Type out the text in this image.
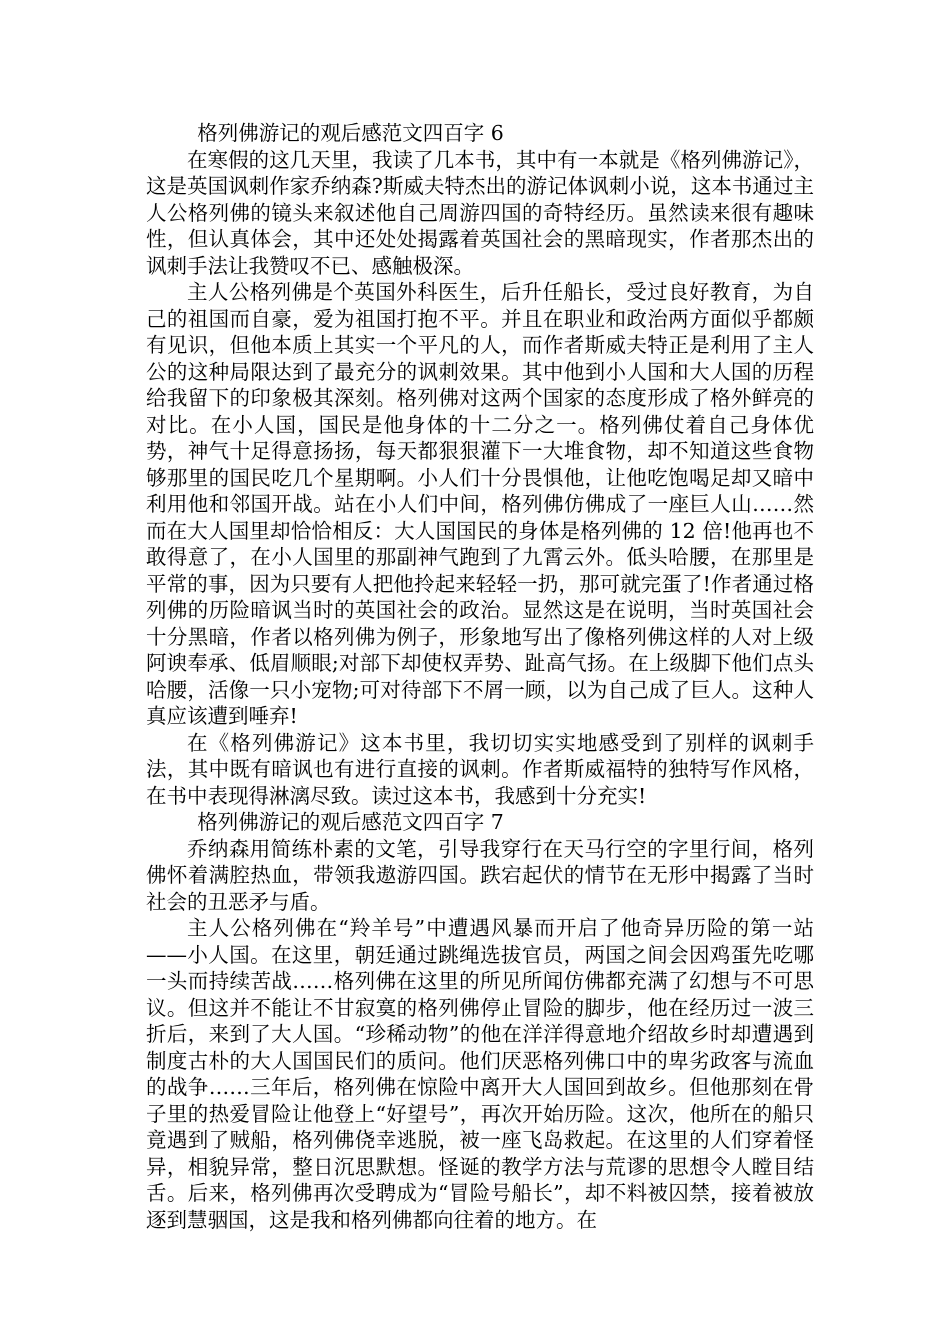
格列佛游记的观后感范文四百字 6

在寒假的这几天里，我读了几本书，其中有一本就是《格列佛游记》，这是英国讽刺作家乔纳森?斯威夫特杰出的游记体讽刺小说，这本书通过主人公格列佛的镜头来叙述他自己周游四国的奇特经历。虽然读来很有趣味性，但认真体会，其中还处处揭露着英国社会的黑暗现实，作者那杰出的讽刺手法让我赞叹不已、感触极深。

主人公格列佛是个英国外科医生，后升任船长，受过良好教育，为自己的祖国而自豪，爱为祖国打抱不平。并且在职业和政治两方面似乎都颇有见识，但他本质上其实一个平凡的人，而作者斯威夫特正是利用了主人公的这种局限达到了最充分的讽刺效果。其中他到小人国和大人国的历程给我留下的印象极其深刻。格列佛对这两个国家的态度形成了格外鲜亮的对比。在小人国，国民是他身体的十二分之一。格列佛仗着自己身体优势，神气十足得意扬扬，每天都狠狠灌下一大堆食物，却不知道这些食物够那里的国民吃几个星期啊。小人们十分畏惧他，让他吃饱喝足却又暗中利用他和邻国开战。站在小人们中间，格列佛仿佛成了一座巨人山……然而在大人国里却恰恰相反：大人国国民的身体是格列佛的 12 倍!他再也不敢得意了，在小人国里的那副神气跑到了九霄云外。低头哈腰，在那里是平常的事，因为只要有人把他拎起来轻轻一扔，那可就完蛋了!作者通过格列佛的历险暗讽当时的英国社会的政治。显然这是在说明，当时英国社会十分黑暗，作者以格列佛为例子，形象地写出了像格列佛这样的人对上级阿谀奉承、低眉顺眼;对部下却使权弄势、趾高气扬。在上级脚下他们点头哈腰，活像一只小宠物;可对待部下不屑一顾，以为自己成了巨人。这种人真应该遭到唾弃!

在《格列佛游记》这本书里，我切切实实地感受到了别样的讽刺手法，其中既有暗讽也有进行直接的讽刺。作者斯威福特的独特写作风格，在书中表现得淋漓尽致。读过这本书，我感到十分充实!

格列佛游记的观后感范文四百字 7

乔纳森用简练朴素的文笔，引导我穿行在天马行空的字里行间，格列佛怀着满腔热血，带领我遨游四国。跌宕起伏的情节在无形中揭露了当时社会的丑恶矛与盾。

主人公格列佛在“羚羊号”中遭遇风暴而开启了他奇异历险的第一站——小人国。在这里，朝廷通过跳绳选拔官员，两国之间会因鸡蛋先吃哪一头而持续苦战……格列佛在这里的所见所闻仿佛都充满了幻想与不可思议。但这并不能让不甘寂寞的格列佛停止冒险的脚步，他在经历过一波三折后，来到了大人国。“珍稀动物”的他在洋洋得意地介绍故乡时却遭遇到制度古朴的大人国国民们的质问。他们厌恶格列佛口中的卑劣政客与流血的战争……三年后，格列佛在惊险中离开大人国回到故乡。但他那刻在骨子里的热爱冒险让他登上“好望号”，再次开始历险。这次，他所在的船只竟遇到了贼船，格列佛侥幸逃脱，被一座飞岛救起。在这里的人们穿着怪异，相貌异常，整日沉思默想。怪诞的教学方法与荒谬的思想令人瞠目结舌。后来，格列佛再次受聘成为“冒险号船长”，却不料被囚禁，接着被放逐到慧骃国，这是我和格列佛都向往着的地方。在
